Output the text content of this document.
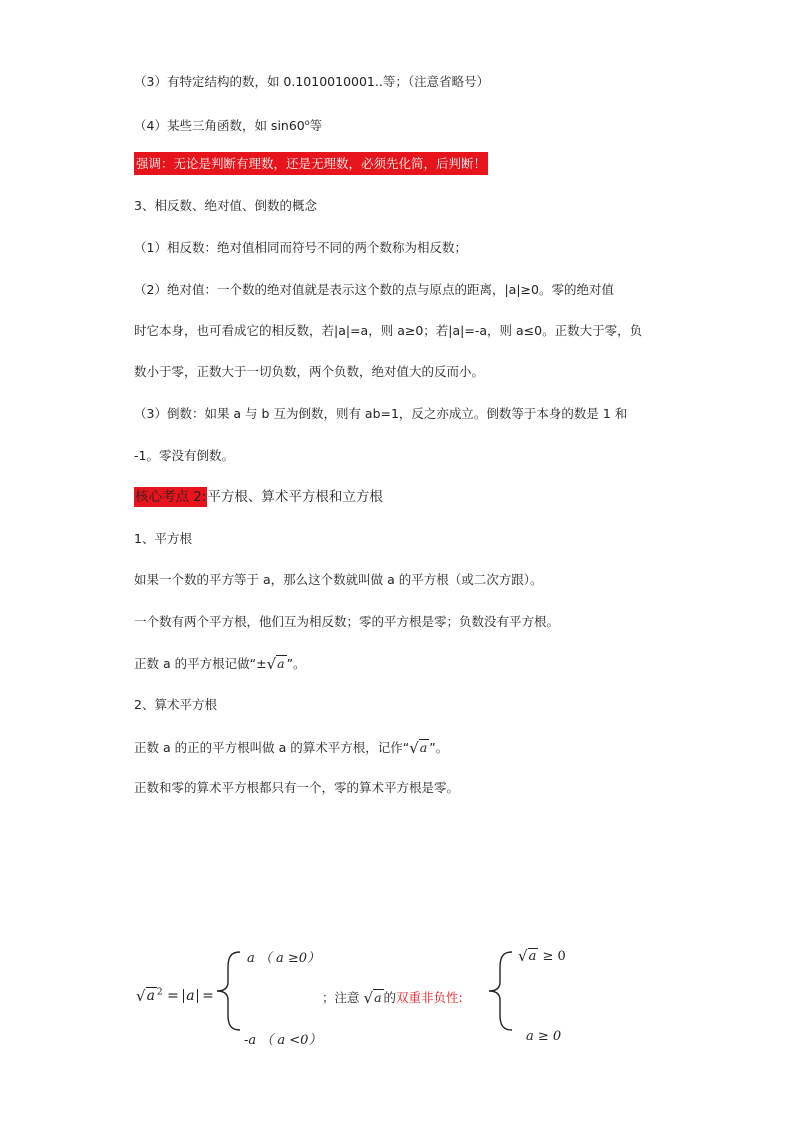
（3）有特定结构的数，如 0.1010010001..等；（注意省略号）
（4）某些三角函数，如 sin60$^o$等
强调：无论是判断有理数，还是无理数，必须先化简，后判断！
3、相反数、绝对值、倒数的概念
（1）相反数：绝对值相同而符号不同的两个数称为相反数；
（2）绝对值：一个数的绝对值就是表示这个数的点与原点的距离，|a|≥0。零的绝对值
时它本身，也可看成它的相反数，若|a|=a，则 a≥0；若|a|=-a，则 a≤0。正数大于零，负
数小于零，正数大于一切负数，两个负数，绝对值大的反而小。
（3）倒数：如果 a 与 b 互为倒数，则有 ab=1，反之亦成立。倒数等于本身的数是 1 和
-1。零没有倒数。
核心考点 2:平方根、算术平方根和立方根
1、平方根
如果一个数的平方等于 a，那么这个数就叫做 a 的平方根（或二次方跟）。
一个数有两个平方根，他们互为相反数；零的平方根是零；负数没有平方根。
正数 a 的平方根记做“±√a ”。
2、算术平方根
正数 a 的正的平方根叫做 a 的算术平方根，记作“√a ”。
正数和零的算术平方根都只有一个，零的算术平方根是零。
√a $^2$ = a =
a （ a ≥0）
-a （ a <0）
；注意 √a 的双重非负性:
√a ≥ 0
a ≥ 0
